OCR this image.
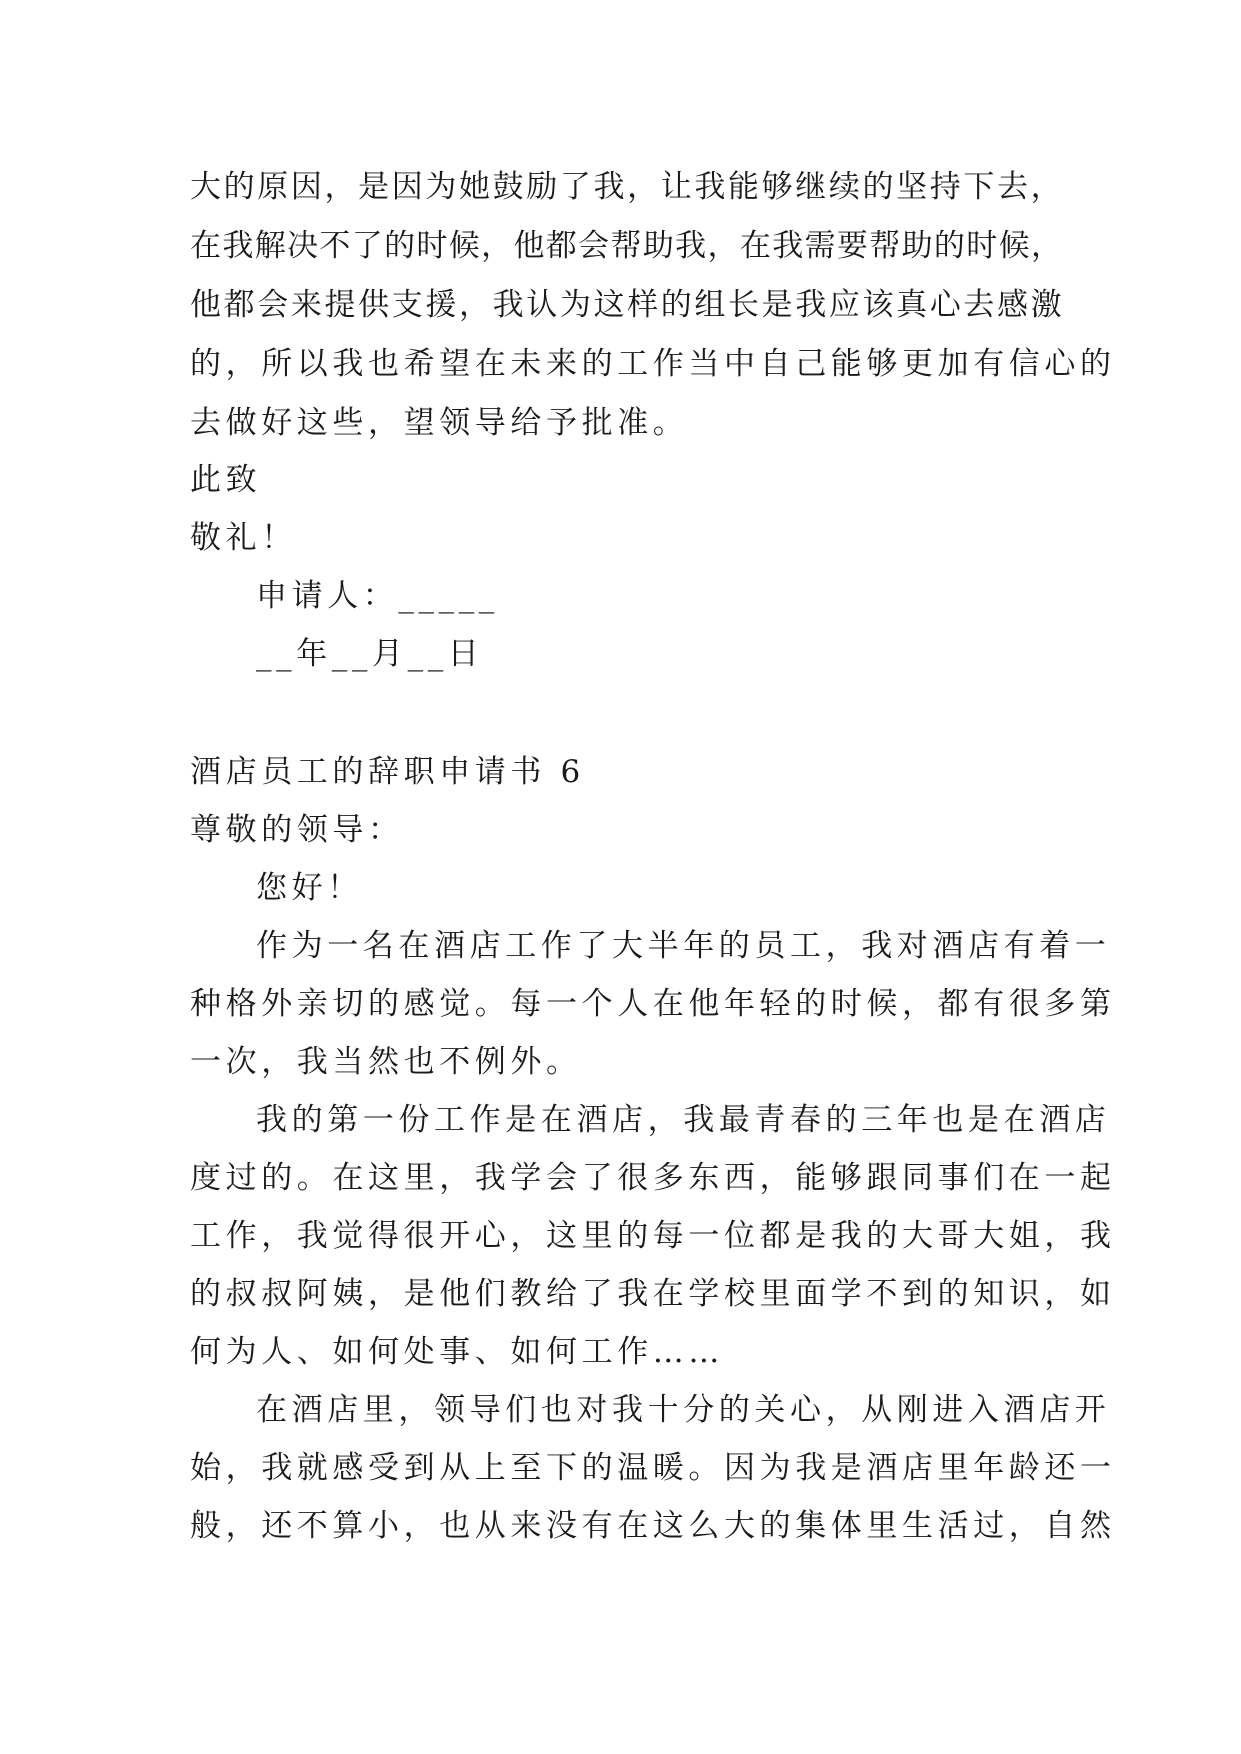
大 的 原 因 ， 是 因 为 她 鼓 励 了 我 ， 让 我 能 够 继 续 的 坚 持 下 去 ，
在 我 解 决 不 了 的 时 候 ， 他 都 会 帮 助 我 ， 在 我 需 要 帮 助 的 时 候 ，
他 都 会 来 提 供 支 援 ， 我 认 为 这 样 的 组 长 是 我 应 该 真 心 去 感 激
的，所以我也希望在未来的工作当中自己能够更加有信心的
去做好这些，望领导给予批准。
此致
敬礼！
申请人：_____
__年__月__日
酒店员工的辞职申请书 6
尊敬的领导：
您好！
作为一名在酒店工作了大半年的员工，我对酒店有着一
种格外亲切的感觉。每一个人在他年轻的时候，都有很多第
一次，我当然也不例外。
我的第一份工作是在酒店，我最青春的三年也是在酒店
度过的。在这里，我学会了很多东西，能够跟同事们在一起
工作，我觉得很开心，这里的每一位都是我的大哥大姐，我
的叔叔阿姨，是他们教给了我在学校里面学不到的知识，如
何为人、如何处事、如何工作……
在酒店里，领导们也对我十分的关心，从刚进入酒店开
始，我就感受到从上至下的温暖。因为我是酒店里年龄还一
般，还不算小，也从来没有在这么大的集体里生活过，自然
